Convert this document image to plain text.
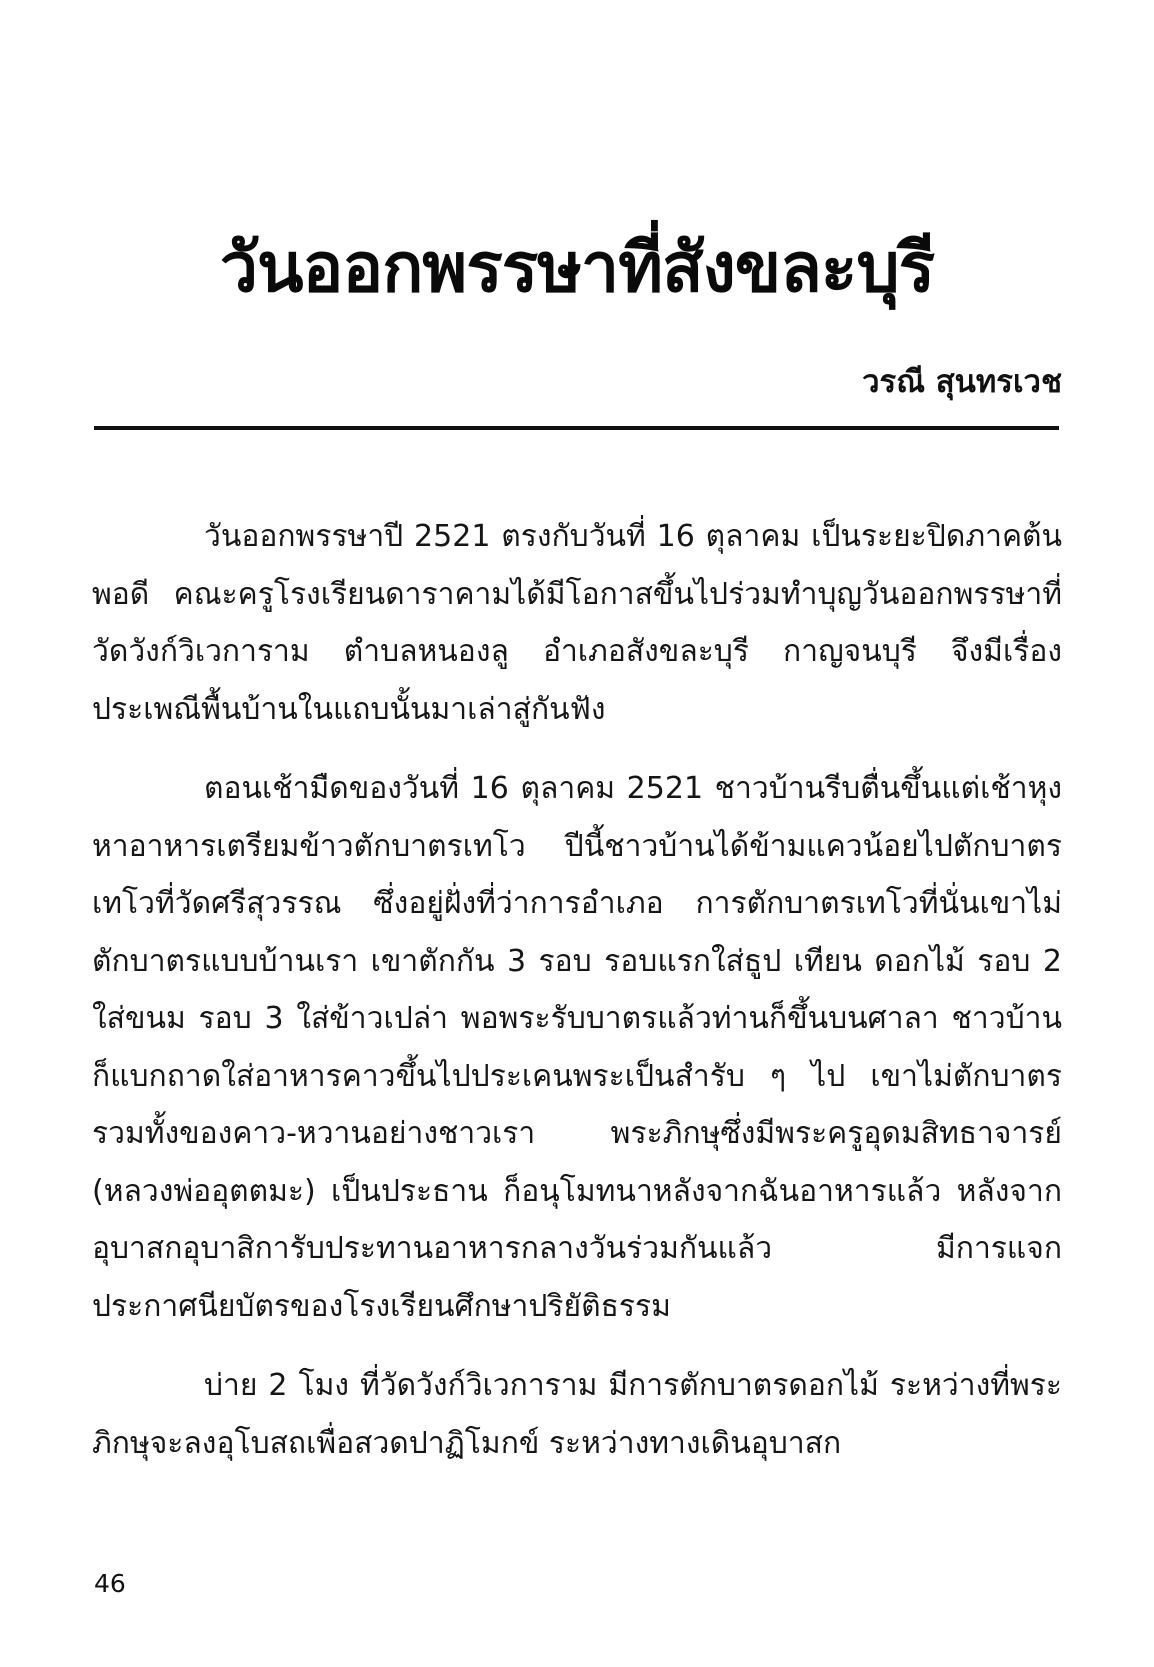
วันออกพรรษาที่สังขละบุรี

วรณี สุนทรเวช

วันออกพรรษาปี 2521 ตรงกับวันที่ 16 ตุลาคม เป็นระยะปิดภาคต้นพอดี คณะครูโรงเรียนดาราคามได้มีโอกาสขึ้นไปร่วมทำบุญวันออกพรรษาที่วัดวังก์วิเวการาม ตำบลหนองลู อำเภอสังขละบุรี กาญจนบุรี จึงมีเรื่องประเพณีพื้นบ้านในแถบนั้นมาเล่าสู่กันฟัง

ตอนเช้ามืดของวันที่ 16 ตุลาคม 2521 ชาวบ้านรีบตื่นขึ้นแต่เช้าหุงหาอาหารเตรียมข้าวตักบาตรเทโว ปีนี้ชาวบ้านได้ข้ามแควน้อยไปตักบาตรเทโวที่วัดศรีสุวรรณ ซึ่งอยู่ฝั่งที่ว่าการอำเภอ การตักบาตรเทโวที่นั่นเขาไม่ตักบาตรแบบบ้านเรา เขาตักกัน 3 รอบ รอบแรกใส่ธูป เทียน ดอกไม้ รอบ 2 ใส่ขนม รอบ 3 ใส่ข้าวเปล่า พอพระรับบาตรแล้วท่านก็ขึ้นบนศาลา ชาวบ้านก็แบกถาดใส่อาหารคาวขึ้นไปประเคนพระเป็นสำรับ ๆ ไป เขาไม่ตักบาตรรวมทั้งของคาว-หวานอย่างชาวเรา พระภิกษุซึ่งมีพระครูอุดมสิทธาจารย์ (หลวงพ่ออุตตมะ) เป็นประธาน ก็อนุโมทนาหลังจากฉันอาหารแล้ว หลังจากอุบาสกอุบาสิการับประทานอาหารกลางวันร่วมกันแล้ว มีการแจกประกาศนียบัตรของโรงเรียนศึกษาปริยัติธรรม

บ่าย 2 โมง ที่วัดวังก์วิเวการาม มีการตักบาตรดอกไม้ ระหว่างที่พระภิกษุจะลงอุโบสถเพื่อสวดปาฏิโมกข์ ระหว่างทางเดินอุบาสก

46
